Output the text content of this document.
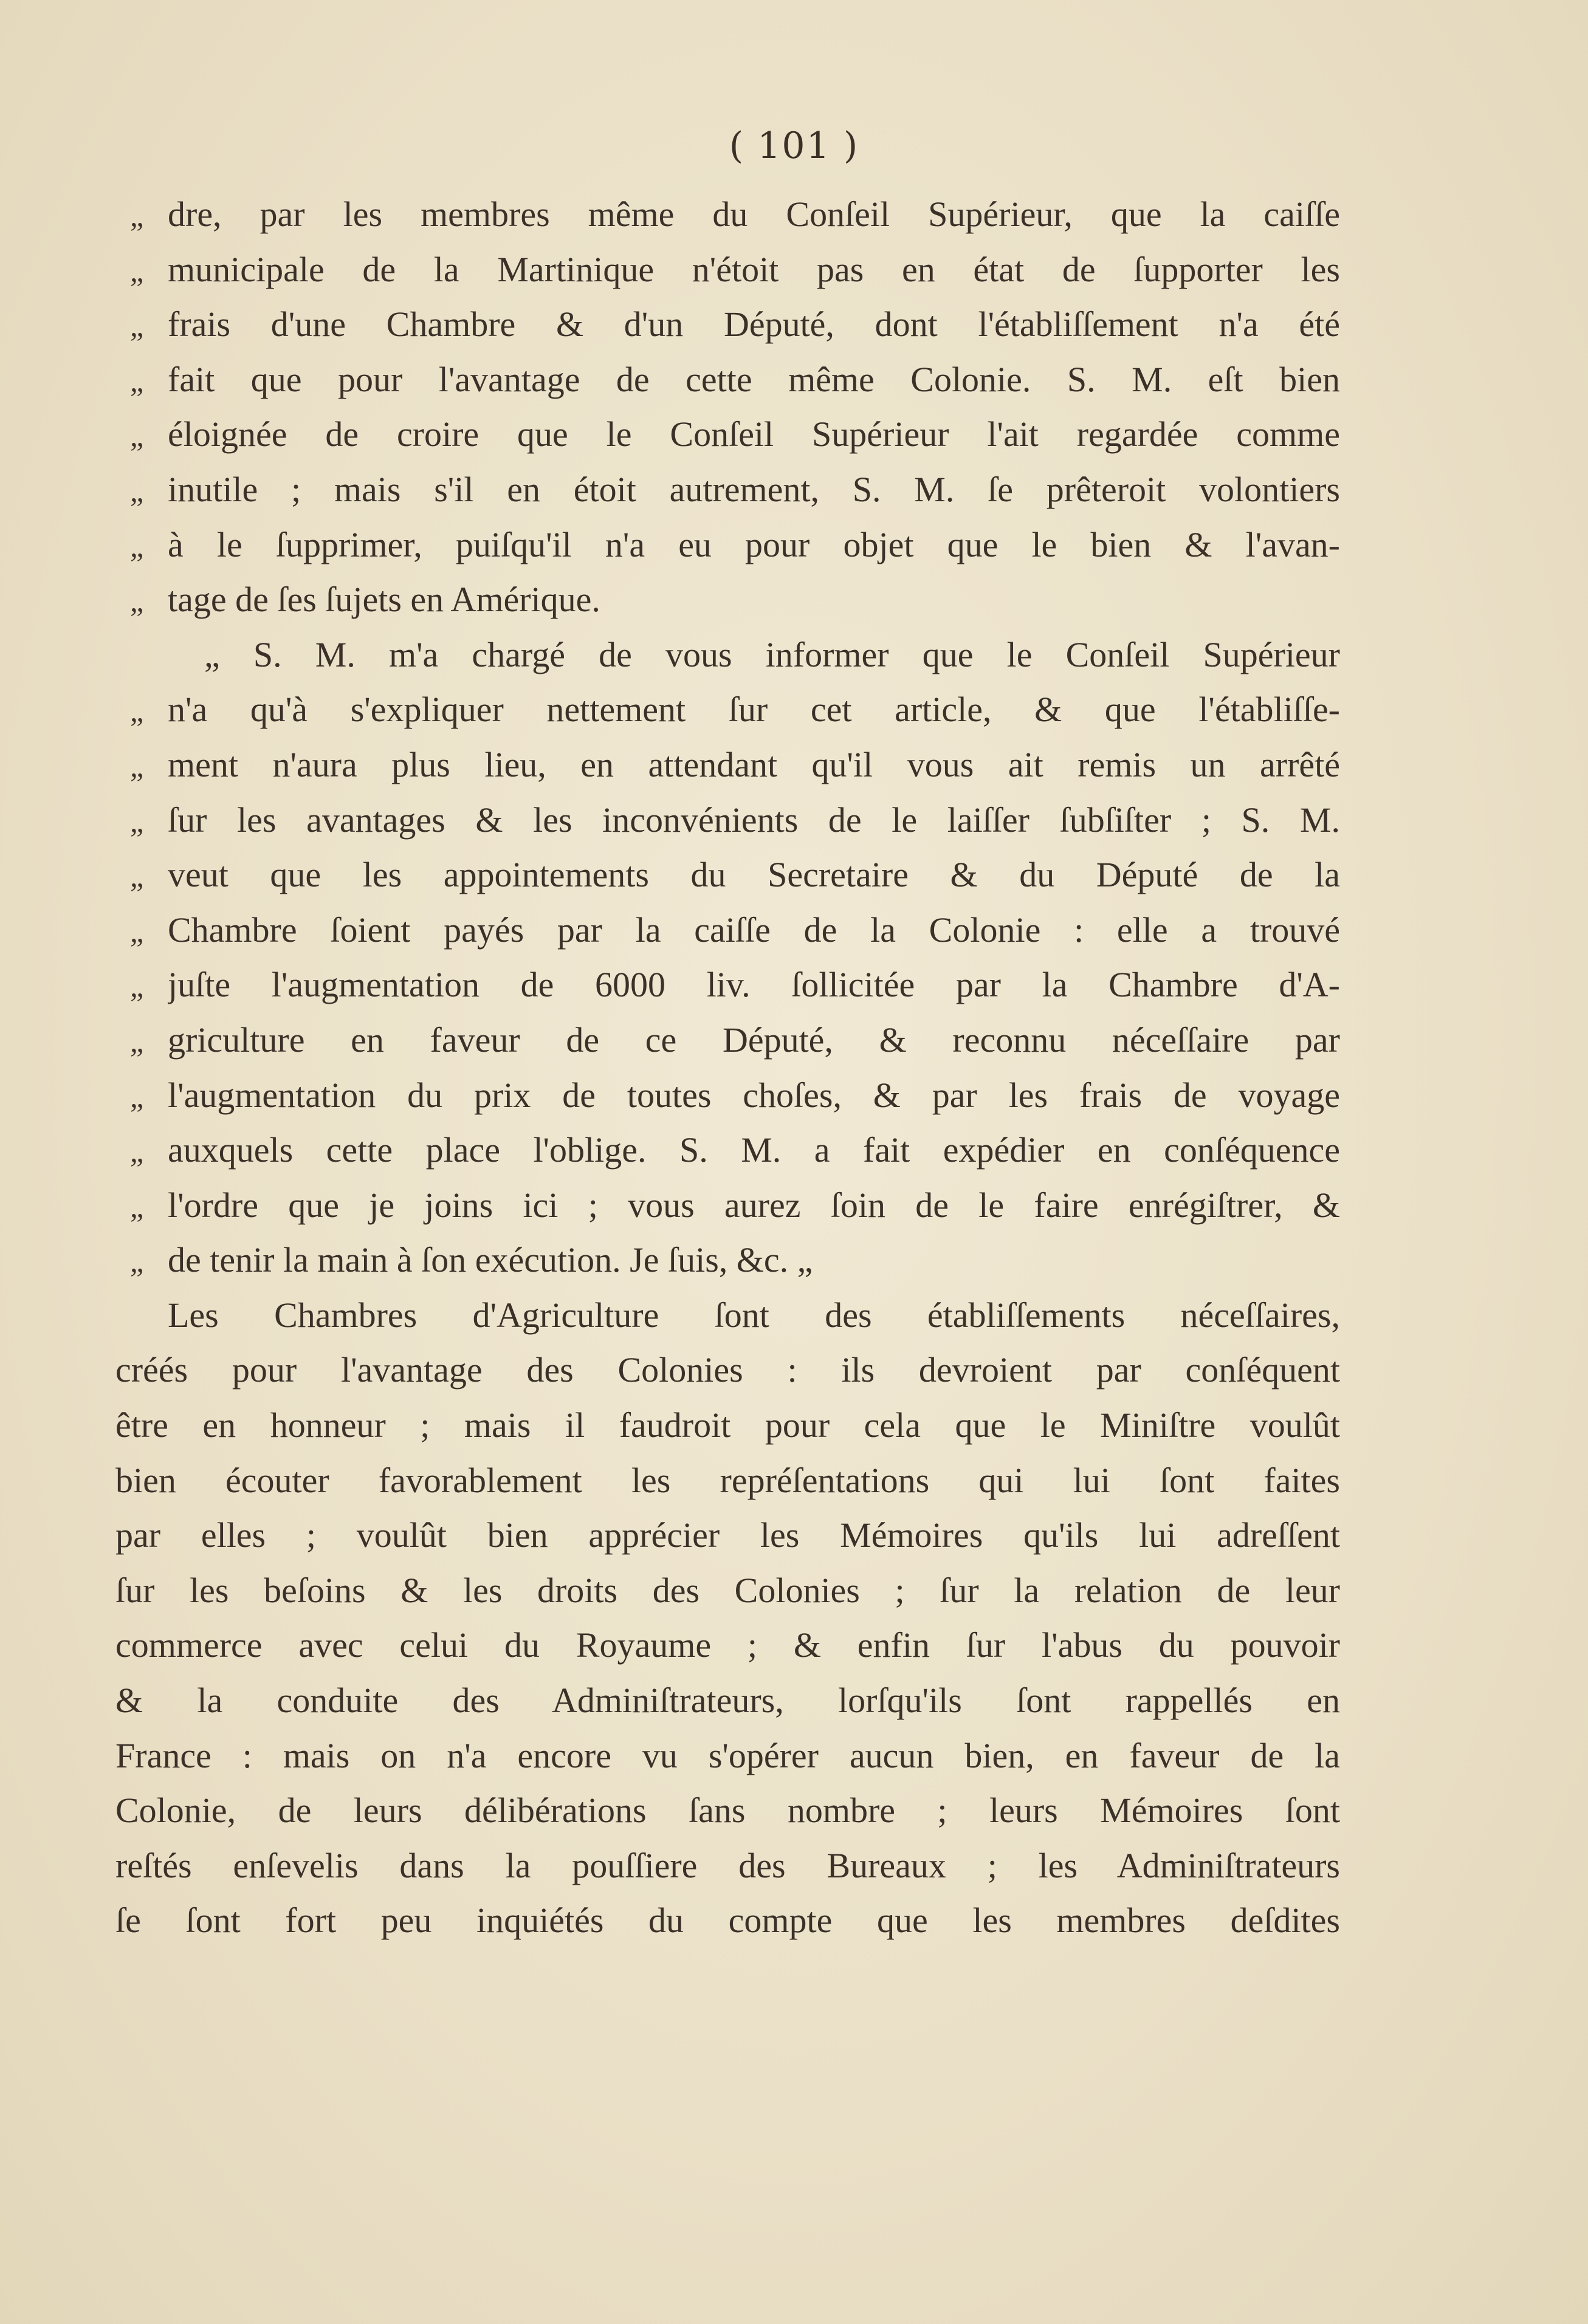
( 101 )
„ dre, par les membres même du Conſeil Supérieur, que la caiſſe
„ municipale de la Martinique n'étoit pas en état de ſupporter les
„ frais d'une Chambre & d'un Député, dont l'établiſſement n'a été
„ fait que pour l'avantage de cette même Colonie. S. M. eſt bien
„ éloignée de croire que le Conſeil Supérieur l'ait regardée comme
„ inutile ; mais s'il en étoit autrement, S. M. ſe prêteroit volontiers
„ à le ſupprimer, puiſqu'il n'a eu pour objet que le bien & l'avan-
„ tage de ſes ſujets en Amérique.
„ S. M. m'a chargé de vous informer que le Conſeil Supérieur
„ n'a qu'à s'expliquer nettement ſur cet article, & que l'établiſſe-
„ ment n'aura plus lieu, en attendant qu'il vous ait remis un arrêté
„ ſur les avantages & les inconvénients de le laiſſer ſubſiſter ; S. M.
„ veut que les appointements du Secretaire & du Député de la
„ Chambre ſoient payés par la caiſſe de la Colonie : elle a trouvé
„ juſte l'augmentation de 6000 liv. ſollicitée par la Chambre d'A-
„ griculture en faveur de ce Député, & reconnu néceſſaire par
„ l'augmentation du prix de toutes choſes, & par les frais de voyage
„ auxquels cette place l'oblige. S. M. a fait expédier en conſéquence
„ l'ordre que je joins ici ; vous aurez ſoin de le faire enrégiſtrer, &
„ de tenir la main à ſon exécution. Je ſuis, &c. „
Les Chambres d'Agriculture ſont des établiſſements néceſſaires,
créés pour l'avantage des Colonies : ils devroient par conſéquent
être en honneur ; mais il faudroit pour cela que le Miniſtre voulût
bien écouter favorablement les repréſentations qui lui ſont faites
par elles ; voulût bien apprécier les Mémoires qu'ils lui adreſſent
ſur les beſoins & les droits des Colonies ; ſur la relation de leur
commerce avec celui du Royaume ; & enfin ſur l'abus du pouvoir
& la conduite des Adminiſtrateurs, lorſqu'ils ſont rappellés en
France : mais on n'a encore vu s'opérer aucun bien, en faveur de la
Colonie, de leurs délibérations ſans nombre ; leurs Mémoires ſont
reſtés enſevelis dans la pouſſiere des Bureaux ; les Adminiſtrateurs
ſe ſont fort peu inquiétés du compte que les membres deſdites
